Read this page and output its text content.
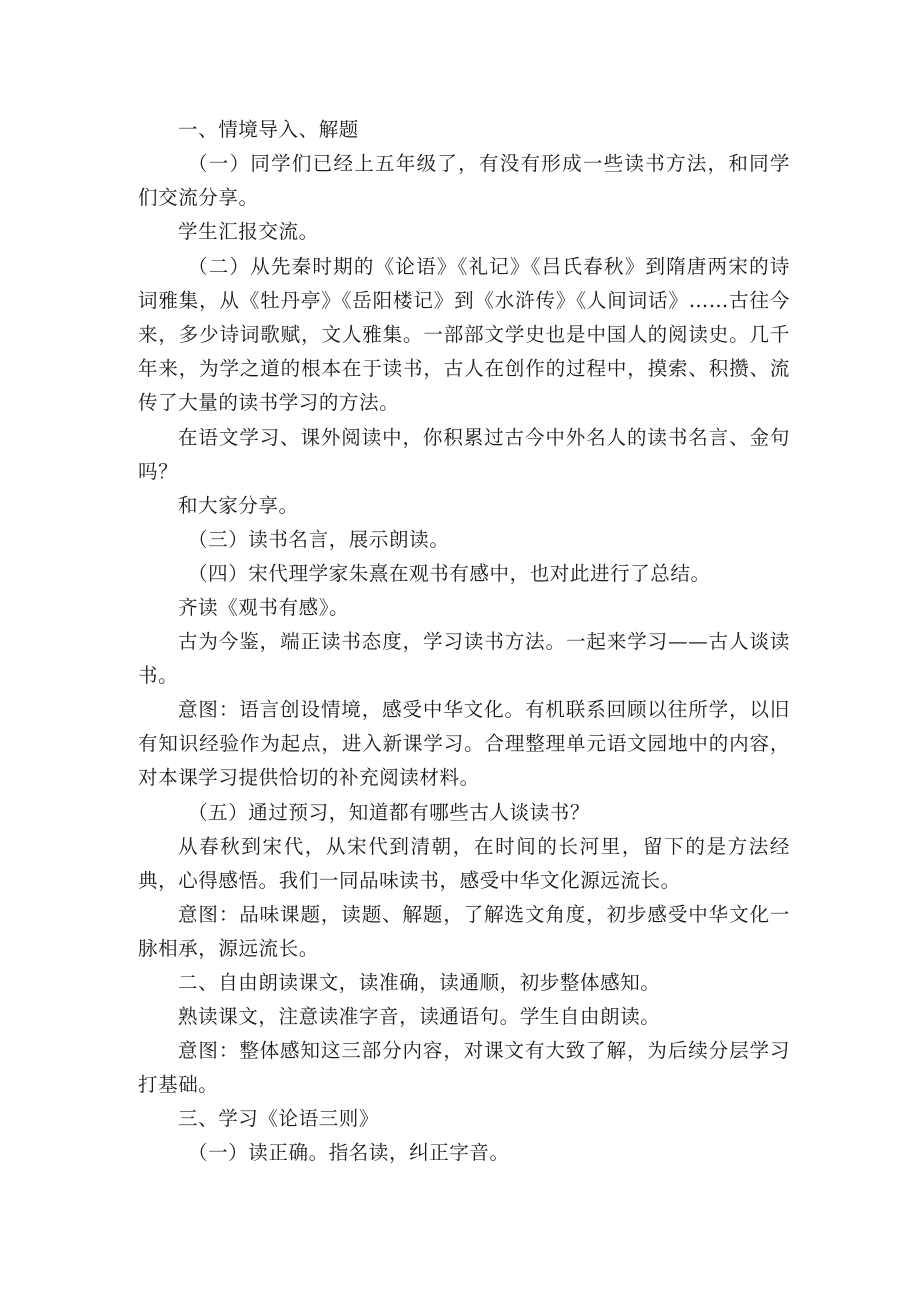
一、情境导入、解题

（一）同学们已经上五年级了，有没有形成一些读书方法，和同学们交流分享。

学生汇报交流。

（二）从先秦时期的《论语》《礼记》《吕氏春秋》到隋唐两宋的诗词雅集，从《牡丹亭》《岳阳楼记》到《水浒传》《人间词话》……古往今来，多少诗词歌赋，文人雅集。一部部文学史也是中国人的阅读史。几千年来，为学之道的根本在于读书，古人在创作的过程中，摸索、积攒、流传了大量的读书学习的方法。

在语文学习、课外阅读中，你积累过古今中外名人的读书名言、金句吗？

和大家分享。

（三）读书名言，展示朗读。

（四）宋代理学家朱熹在观书有感中，也对此进行了总结。

齐读《观书有感》。

古为今鉴，端正读书态度，学习读书方法。一起来学习——古人谈读书。

意图：语言创设情境，感受中华文化。有机联系回顾以往所学，以旧有知识经验作为起点，进入新课学习。合理整理单元语文园地中的内容，对本课学习提供恰切的补充阅读材料。

（五）通过预习，知道都有哪些古人谈读书？

从春秋到宋代，从宋代到清朝，在时间的长河里，留下的是方法经典，心得感悟。我们一同品味读书，感受中华文化源远流长。

意图：品味课题，读题、解题，了解选文角度，初步感受中华文化一脉相承，源远流长。

二、自由朗读课文，读准确，读通顺，初步整体感知。

熟读课文，注意读准字音，读通语句。学生自由朗读。

意图：整体感知这三部分内容，对课文有大致了解，为后续分层学习打基础。

三、学习《论语三则》

（一）读正确。指名读，纠正字音。
